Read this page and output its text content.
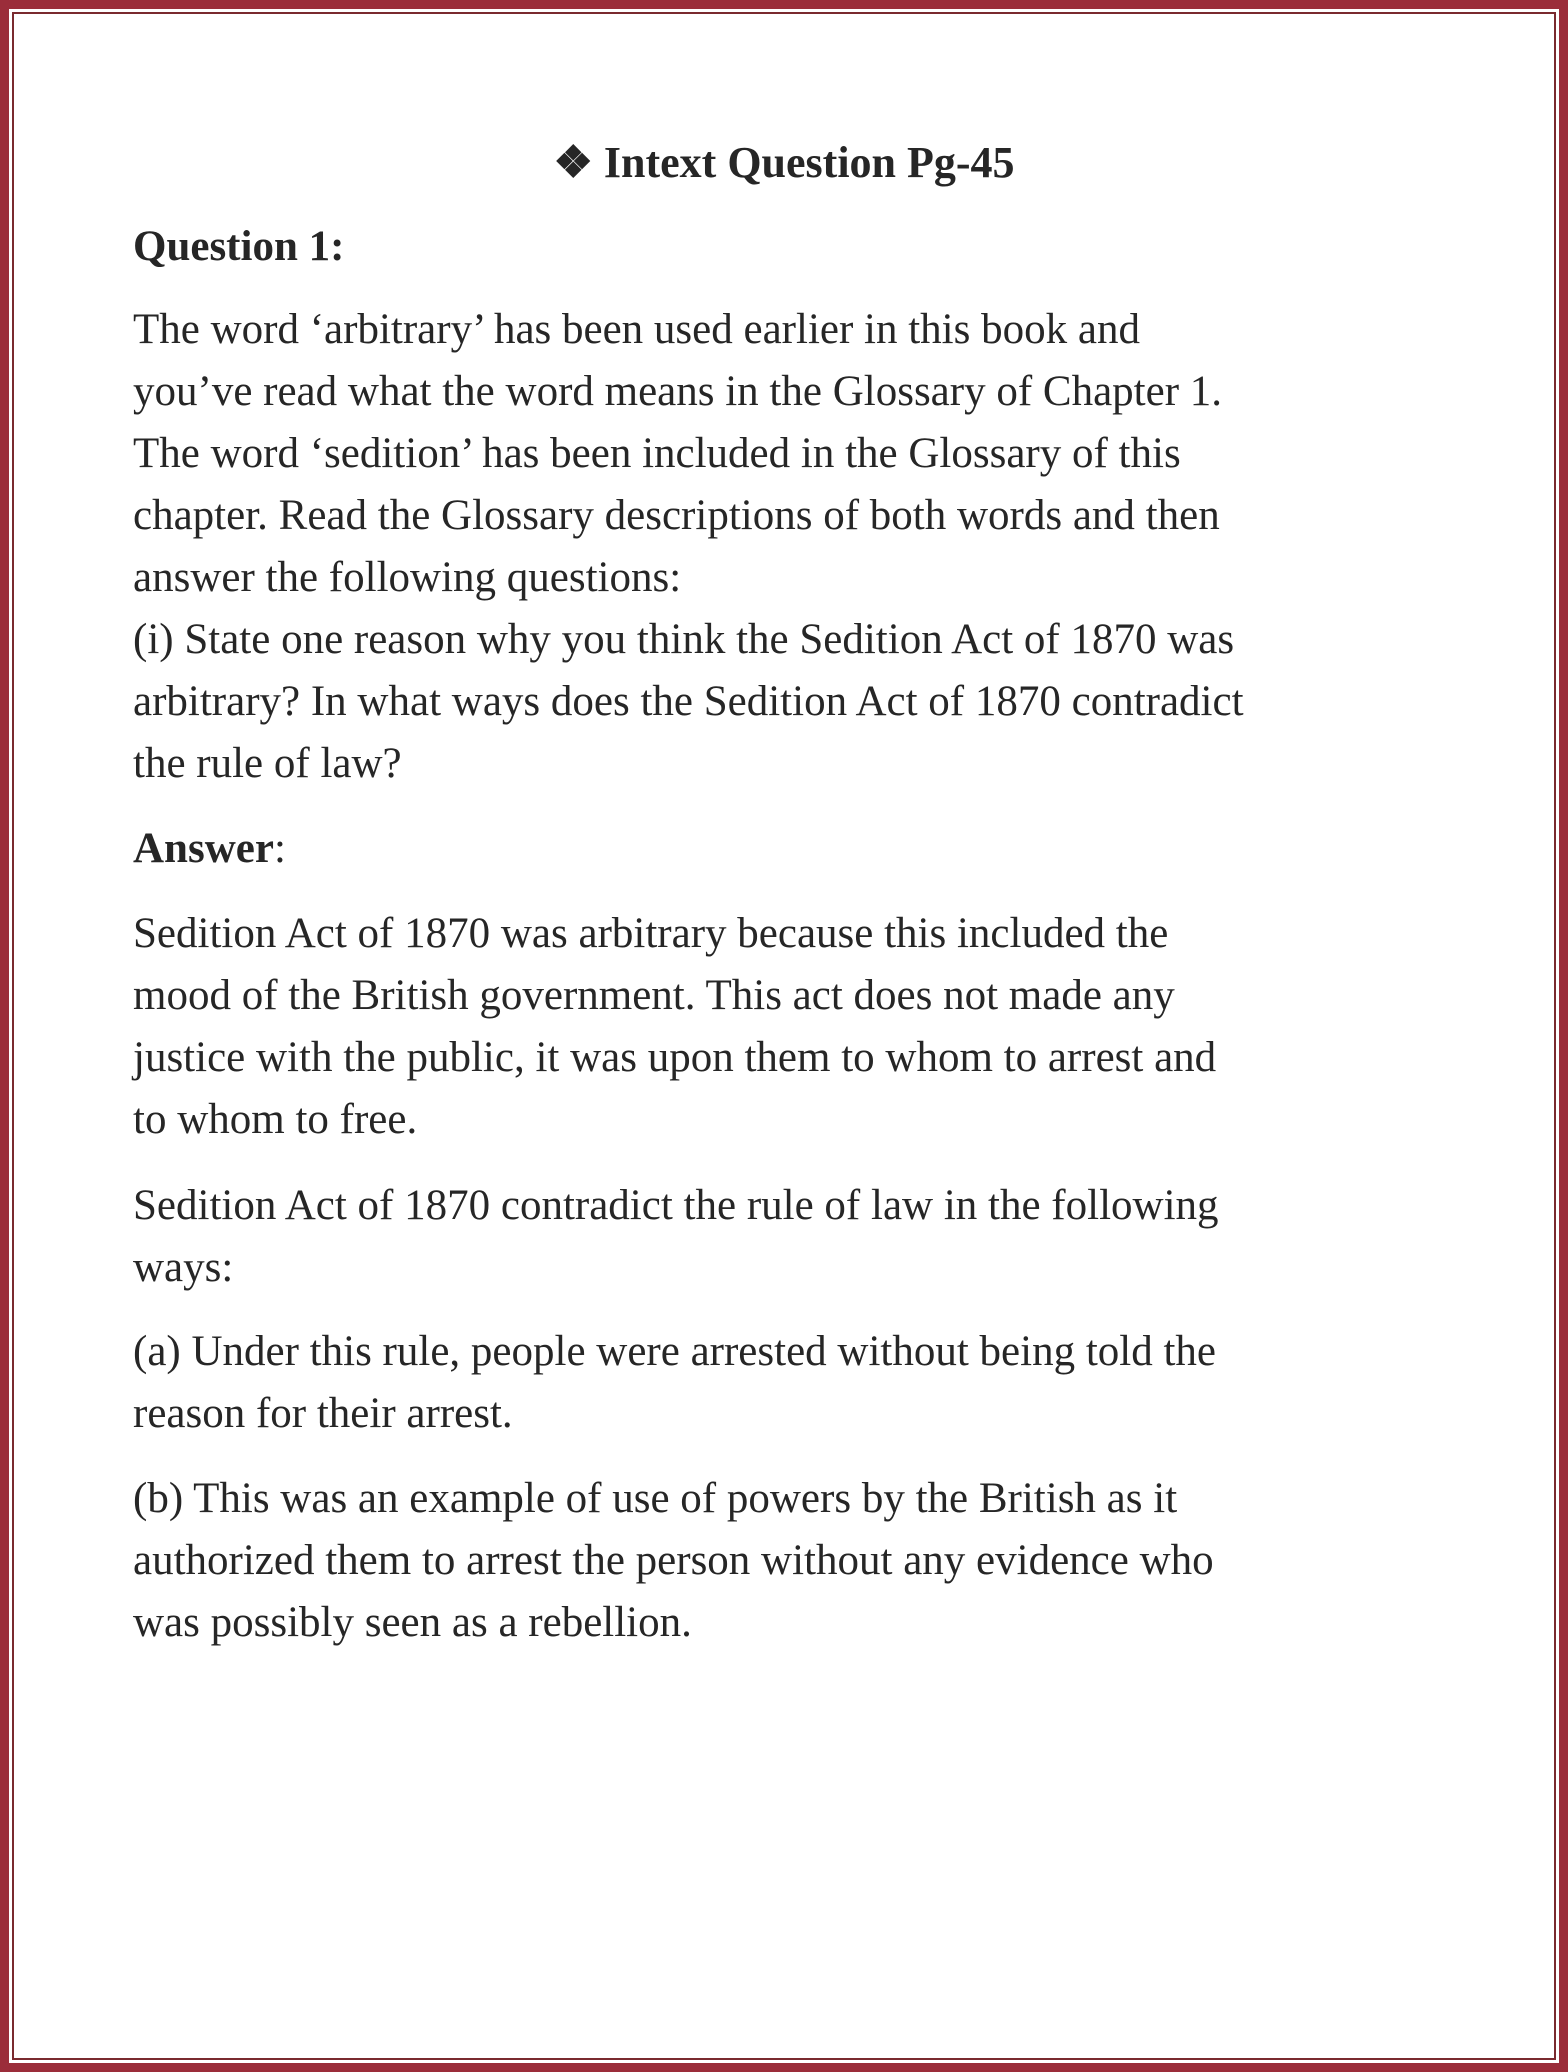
❖ Intext Question Pg-45
Question 1:
The word ‘arbitrary’ has been used earlier in this book and
you’ve read what the word means in the Glossary of Chapter 1.
The word ‘sedition’ has been included in the Glossary of this
chapter. Read the Glossary descriptions of both words and then
answer the following questions:
(i) State one reason why you think the Sedition Act of 1870 was
arbitrary? In what ways does the Sedition Act of 1870 contradict
the rule of law?
Answer:
Sedition Act of 1870 was arbitrary because this included the
mood of the British government. This act does not made any
justice with the public, it was upon them to whom to arrest and
to whom to free.
Sedition Act of 1870 contradict the rule of law in the following
ways:
(a) Under this rule, people were arrested without being told the
reason for their arrest.
(b) This was an example of use of powers by the British as it
authorized them to arrest the person without any evidence who
was possibly seen as a rebellion.
